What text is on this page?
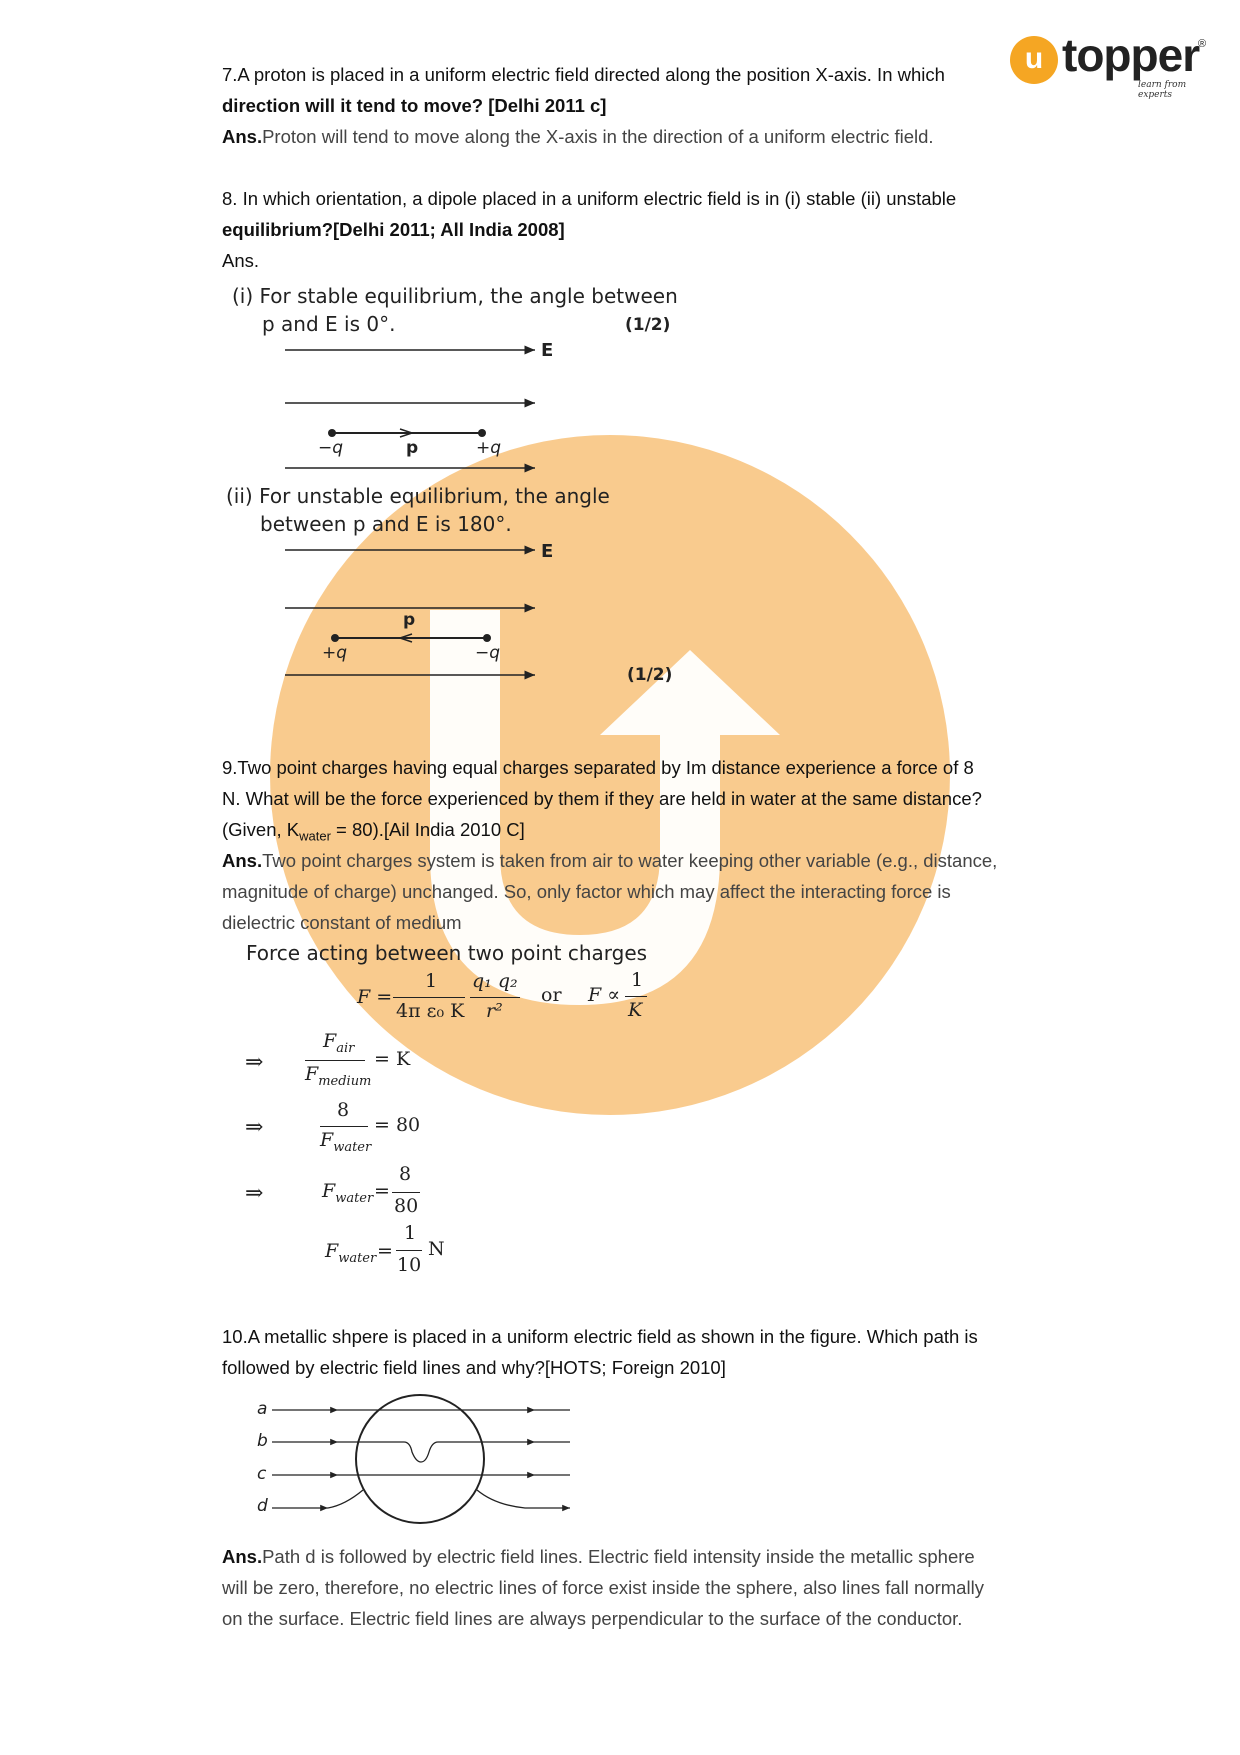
u topper
learn from experts
®
7.A proton is placed in a uniform electric field directed along the position X-axis. In which
direction will it tend to move? [Delhi 2011 c]
Ans.Proton will tend to move along the X-axis in the direction of a uniform electric field.
8. In which orientation, a dipole placed in a uniform electric field is in (i) stable (ii) unstable
equilibrium?[Delhi 2011; All India 2008]
Ans.
(i) For stable equilibrium, the angle between
p and E is 0°.	(1/2)
E
−q	p	+q
(ii) For unstable equilibrium, the angle
between p and E is 180°.
E
p
+q	−q
(1/2)
9.Two point charges having equal charges separated by Im distance experience a force of 8
N. What will be the force experienced by them if they are held in water at the same distance?
(Given, $K_{water} = 80).[Ail$ India 2010 C]
Ans.Two point charges system is taken from air to water keeping other variable (e.g., distance,
magnitude of charge) unchanged. So, only factor which may affect the interacting force is
dielectric constant of medium
Force acting between two point charges
F =
1
4π ε₀ K
q₁ q₂
r²
or F ∝
1
K
⇒
$F_{air}$
$F_{medium}$
= K
⇒
8
$F_{water}$
= 80
⇒	$F_{water}$ =
8
80
$F_{water}$ =
1
10
N
10.A metallic shpere is placed in a uniform electric field as shown in the figure. Which path is
followed by electric field lines and why?[HOTS; Foreign 2010]
a
b
c
d
Ans.Path d is followed by electric field lines. Electric field intensity inside the metallic sphere
will be zero, therefore, no electric lines of force exist inside the sphere, also lines fall normally
on the surface. Electric field lines are always perpendicular to the surface of the conductor.
